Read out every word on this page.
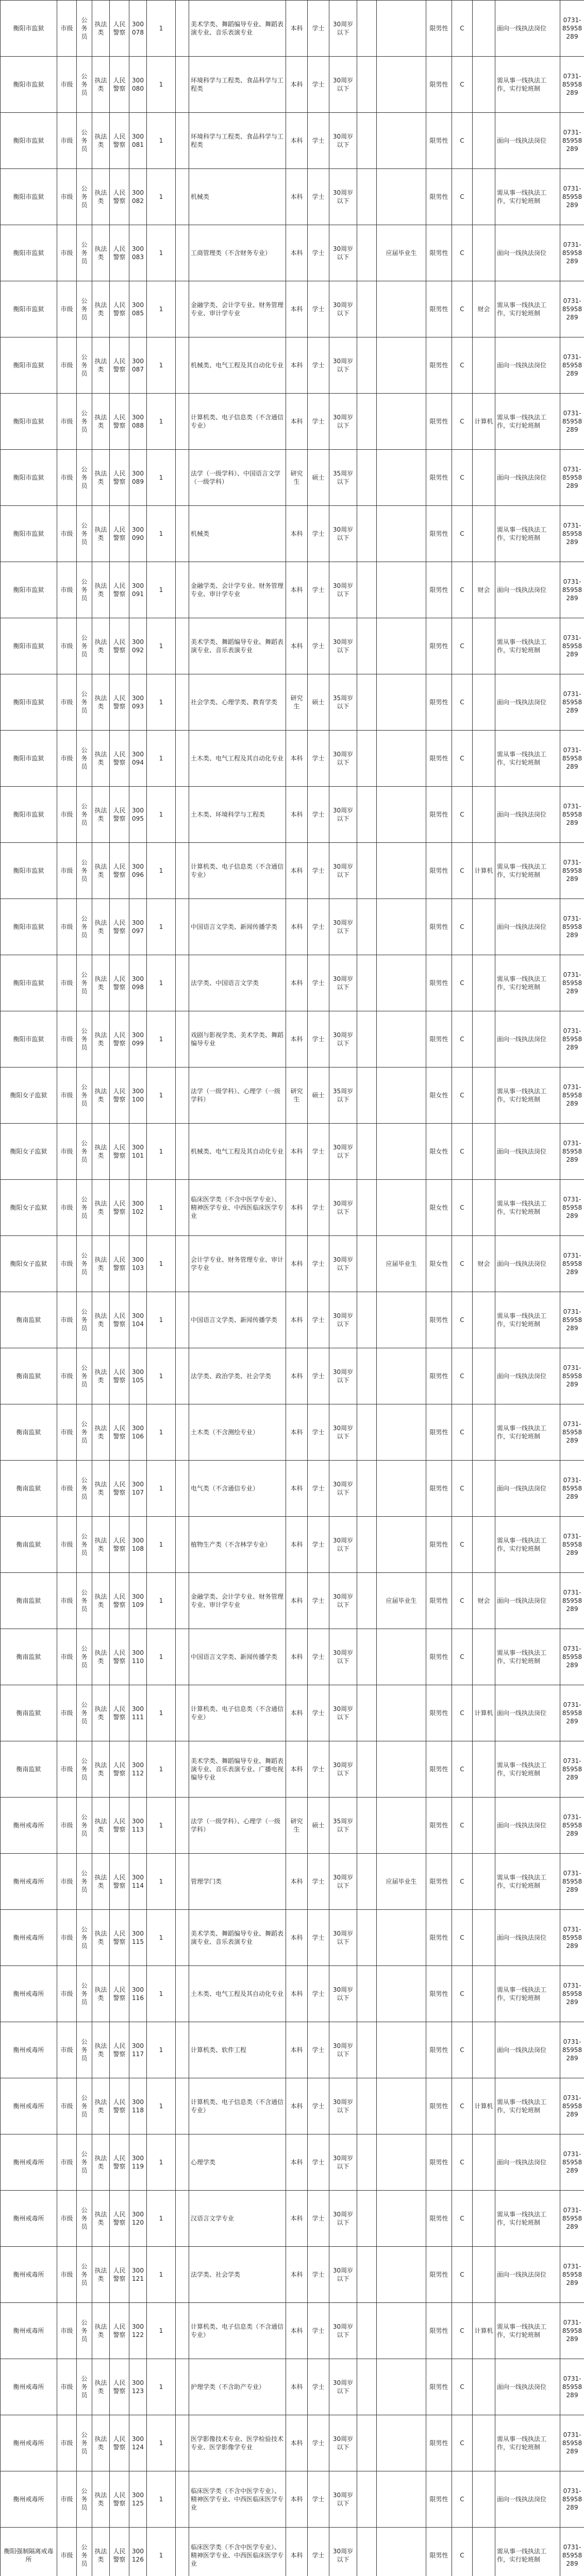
衡阳市监狱	市级	公务员	执法类	人民警察	300078	1		美术学类、舞蹈编导专业、舞蹈表演专业、音乐表演专业	本科	学士	30周岁以下			限男性	C		面向一线执法岗位	0731-85958289
衡阳市监狱	市级	公务员	执法类	人民警察	300080	1		环境科学与工程类、食品科学与工程类	本科	学士	30周岁以下			限男性	C		需从事一线执法工作，实行轮班制	0731-85958289
衡阳市监狱	市级	公务员	执法类	人民警察	300081	1		环境科学与工程类、食品科学与工程类	本科	学士	30周岁以下			限男性	C		面向一线执法岗位	0731-85958289
衡阳市监狱	市级	公务员	执法类	人民警察	300082	1		机械类	本科	学士	30周岁以下			限男性	C		需从事一线执法工作，实行轮班制	0731-85958289
衡阳市监狱	市级	公务员	执法类	人民警察	300083	1		工商管理类（不含财务专业）	本科	学士	30周岁以下		应届毕业生	限男性	C		面向一线执法岗位	0731-85958289
衡阳市监狱	市级	公务员	执法类	人民警察	300085	1		金融学类、会计学专业、财务管理专业、审计学专业	本科	学士	30周岁以下			限男性	C	财会	需从事一线执法工作，实行轮班制	0731-85958289
衡阳市监狱	市级	公务员	执法类	人民警察	300087	1		机械类、电气工程及其自动化专业	本科	学士	30周岁以下			限男性	C		面向一线执法岗位	0731-85958289
衡阳市监狱	市级	公务员	执法类	人民警察	300088	1		计算机类、电子信息类（不含通信专业）	本科	学士	30周岁以下			限男性	C	计算机	需从事一线执法工作，实行轮班制	0731-85958289
衡阳市监狱	市级	公务员	执法类	人民警察	300089	1		法学（一级学科）、中国语言文学（一级学科）	研究生	硕士	35周岁以下			限男性	C		面向一线执法岗位	0731-85958289
衡阳市监狱	市级	公务员	执法类	人民警察	300090	1		机械类	本科	学士	30周岁以下			限男性	C		需从事一线执法工作，实行轮班制	0731-85958289
衡阳市监狱	市级	公务员	执法类	人民警察	300091	1		金融学类、会计学专业、财务管理专业、审计学专业	本科	学士	30周岁以下			限男性	C	财会	面向一线执法岗位	0731-85958289
衡阳市监狱	市级	公务员	执法类	人民警察	300092	1		美术学类、舞蹈编导专业、舞蹈表演专业、音乐表演专业	本科	学士	30周岁以下			限男性	C		需从事一线执法工作，实行轮班制	0731-85958289
衡阳市监狱	市级	公务员	执法类	人民警察	300093	1		社会学类、心理学类、教育学类	研究生	硕士	35周岁以下			限男性	C		面向一线执法岗位	0731-85958289
衡阳市监狱	市级	公务员	执法类	人民警察	300094	1		土木类、电气工程及其自动化专业	本科	学士	30周岁以下			限男性	C		需从事一线执法工作，实行轮班制	0731-85958289
衡阳市监狱	市级	公务员	执法类	人民警察	300095	1		土木类、环境科学与工程类	本科	学士	30周岁以下			限男性	C		面向一线执法岗位	0731-85958289
衡阳市监狱	市级	公务员	执法类	人民警察	300096	1		计算机类、电子信息类（不含通信专业）	本科	学士	30周岁以下			限男性	C	计算机	需从事一线执法工作，实行轮班制	0731-85958289
衡阳市监狱	市级	公务员	执法类	人民警察	300097	1		中国语言文学类、新闻传播学类	本科	学士	30周岁以下			限男性	C		面向一线执法岗位	0731-85958289
衡阳市监狱	市级	公务员	执法类	人民警察	300098	1		法学类、中国语言文学类	本科	学士	30周岁以下			限男性	C		需从事一线执法工作，实行轮班制	0731-85958289
衡阳市监狱	市级	公务员	执法类	人民警察	300099	1		戏剧与影视学类、美术学类、舞蹈编导专业	本科	学士	30周岁以下			限男性	C		面向一线执法岗位	0731-85958289
衡阳女子监狱	市级	公务员	执法类	人民警察	300100	1		法学（一级学科）、心理学（一级学科）	研究生	硕士	35周岁以下			限女性	C		需从事一线执法工作，实行轮班制	0731-85958289
衡阳女子监狱	市级	公务员	执法类	人民警察	300101	1		机械类、电气工程及其自动化专业	本科	学士	30周岁以下			限女性	C		面向一线执法岗位	0731-85958289
衡阳女子监狱	市级	公务员	执法类	人民警察	300102	1		临床医学类（不含中医学专业）、精神医学专业、中西医临床医学专业	本科	学士	30周岁以下			限女性	C		需从事一线执法工作，实行轮班制	0731-85958289
衡阳女子监狱	市级	公务员	执法类	人民警察	300103	1		会计学专业、财务管理专业、审计学专业	本科	学士	30周岁以下		应届毕业生	限女性	C	财会	面向一线执法岗位	0731-85958289
衡南监狱	市级	公务员	执法类	人民警察	300104	1		中国语言文学类、新闻传播学类	本科	学士	30周岁以下			限男性	C		需从事一线执法工作，实行轮班制	0731-85958289
衡南监狱	市级	公务员	执法类	人民警察	300105	1		法学类、政治学类、社会学类	本科	学士	30周岁以下			限男性	C		面向一线执法岗位	0731-85958289
衡南监狱	市级	公务员	执法类	人民警察	300106	1		土木类（不含测绘专业）	本科	学士	30周岁以下			限男性	C		需从事一线执法工作，实行轮班制	0731-85958289
衡南监狱	市级	公务员	执法类	人民警察	300107	1		电气类（不含通信专业）	本科	学士	30周岁以下			限男性	C		面向一线执法岗位	0731-85958289
衡南监狱	市级	公务员	执法类	人民警察	300108	1		植物生产类（不含林学专业）	本科	学士	30周岁以下			限男性	C		需从事一线执法工作，实行轮班制	0731-85958289
衡南监狱	市级	公务员	执法类	人民警察	300109	1		金融学类、会计学专业、财务管理专业、审计学专业	本科	学士	30周岁以下		应届毕业生	限男性	C	财会	面向一线执法岗位	0731-85958289
衡南监狱	市级	公务员	执法类	人民警察	300110	1		中国语言文学类、新闻传播学类	本科	学士	30周岁以下			限男性	C		需从事一线执法工作，实行轮班制	0731-85958289
衡南监狱	市级	公务员	执法类	人民警察	300111	1		计算机类、电子信息类（不含通信专业）	本科	学士	30周岁以下			限男性	C	计算机	面向一线执法岗位	0731-85958289
衡南监狱	市级	公务员	执法类	人民警察	300112	1		美术学类、舞蹈编导专业、舞蹈表演专业、音乐表演专业、广播电视编导专业	本科	学士	30周岁以下			限男性	C		需从事一线执法工作，实行轮班制	0731-85958289
衡州戒毒所	市级	公务员	执法类	人民警察	300113	1		法学（一级学科）、心理学（一级学科）	研究生	硕士	35周岁以下			限男性	C		面向一线执法岗位	0731-85958289
衡州戒毒所	市级	公务员	执法类	人民警察	300114	1		管理学门类	本科	学士	30周岁以下		应届毕业生	限男性	C		需从事一线执法工作，实行轮班制	0731-85958289
衡州戒毒所	市级	公务员	执法类	人民警察	300115	1		美术学类、舞蹈编导专业、舞蹈表演专业、音乐表演专业	本科	学士	30周岁以下			限男性	C		面向一线执法岗位	0731-85958289
衡州戒毒所	市级	公务员	执法类	人民警察	300116	1		土木类、电气工程及其自动化专业	本科	学士	30周岁以下			限男性	C		需从事一线执法工作，实行轮班制	0731-85958289
衡州戒毒所	市级	公务员	执法类	人民警察	300117	1		计算机类、软件工程	本科	学士	30周岁以下			限男性	C		面向一线执法岗位	0731-85958289
衡州戒毒所	市级	公务员	执法类	人民警察	300118	1		计算机类、电子信息类（不含通信专业）	本科	学士	30周岁以下			限男性	C	计算机	需从事一线执法工作，实行轮班制	0731-85958289
衡州戒毒所	市级	公务员	执法类	人民警察	300119	1		心理学类	本科	学士	30周岁以下			限男性	C		面向一线执法岗位	0731-85958289
衡州戒毒所	市级	公务员	执法类	人民警察	300120	1		汉语言文学专业	本科	学士	30周岁以下			限男性	C		需从事一线执法工作，实行轮班制	0731-85958289
衡州戒毒所	市级	公务员	执法类	人民警察	300121	1		法学类、社会学类	本科	学士	30周岁以下			限男性	C		面向一线执法岗位	0731-85958289
衡州戒毒所	市级	公务员	执法类	人民警察	300122	1		计算机类、电子信息类（不含通信专业）	本科	学士	30周岁以下			限男性	C	计算机	需从事一线执法工作，实行轮班制	0731-85958289
衡州戒毒所	市级	公务员	执法类	人民警察	300123	1		护理学类（不含助产专业）	本科	学士	30周岁以下			限男性	C		面向一线执法岗位	0731-85958289
衡州戒毒所	市级	公务员	执法类	人民警察	300124	1		医学影像技术专业、医学检验技术专业、医学影像学专业	本科	学士	30周岁以下			限男性	C		需从事一线执法工作，实行轮班制	0731-85958289
衡州戒毒所	市级	公务员	执法类	人民警察	300125	1		临床医学类（不含中医学专业）、精神医学专业、中西医临床医学专业	本科	学士	30周岁以下			限男性	C		面向一线执法岗位	0731-85958289
衡阳强制隔离戒毒所	市级	公务员	执法类	人民警察	300126	1		临床医学类（不含中医学专业）、精神医学专业、中西医临床医学专业	本科	学士	30周岁以下			限男性	C		需从事一线执法工作，实行轮班制	0731-85958289
